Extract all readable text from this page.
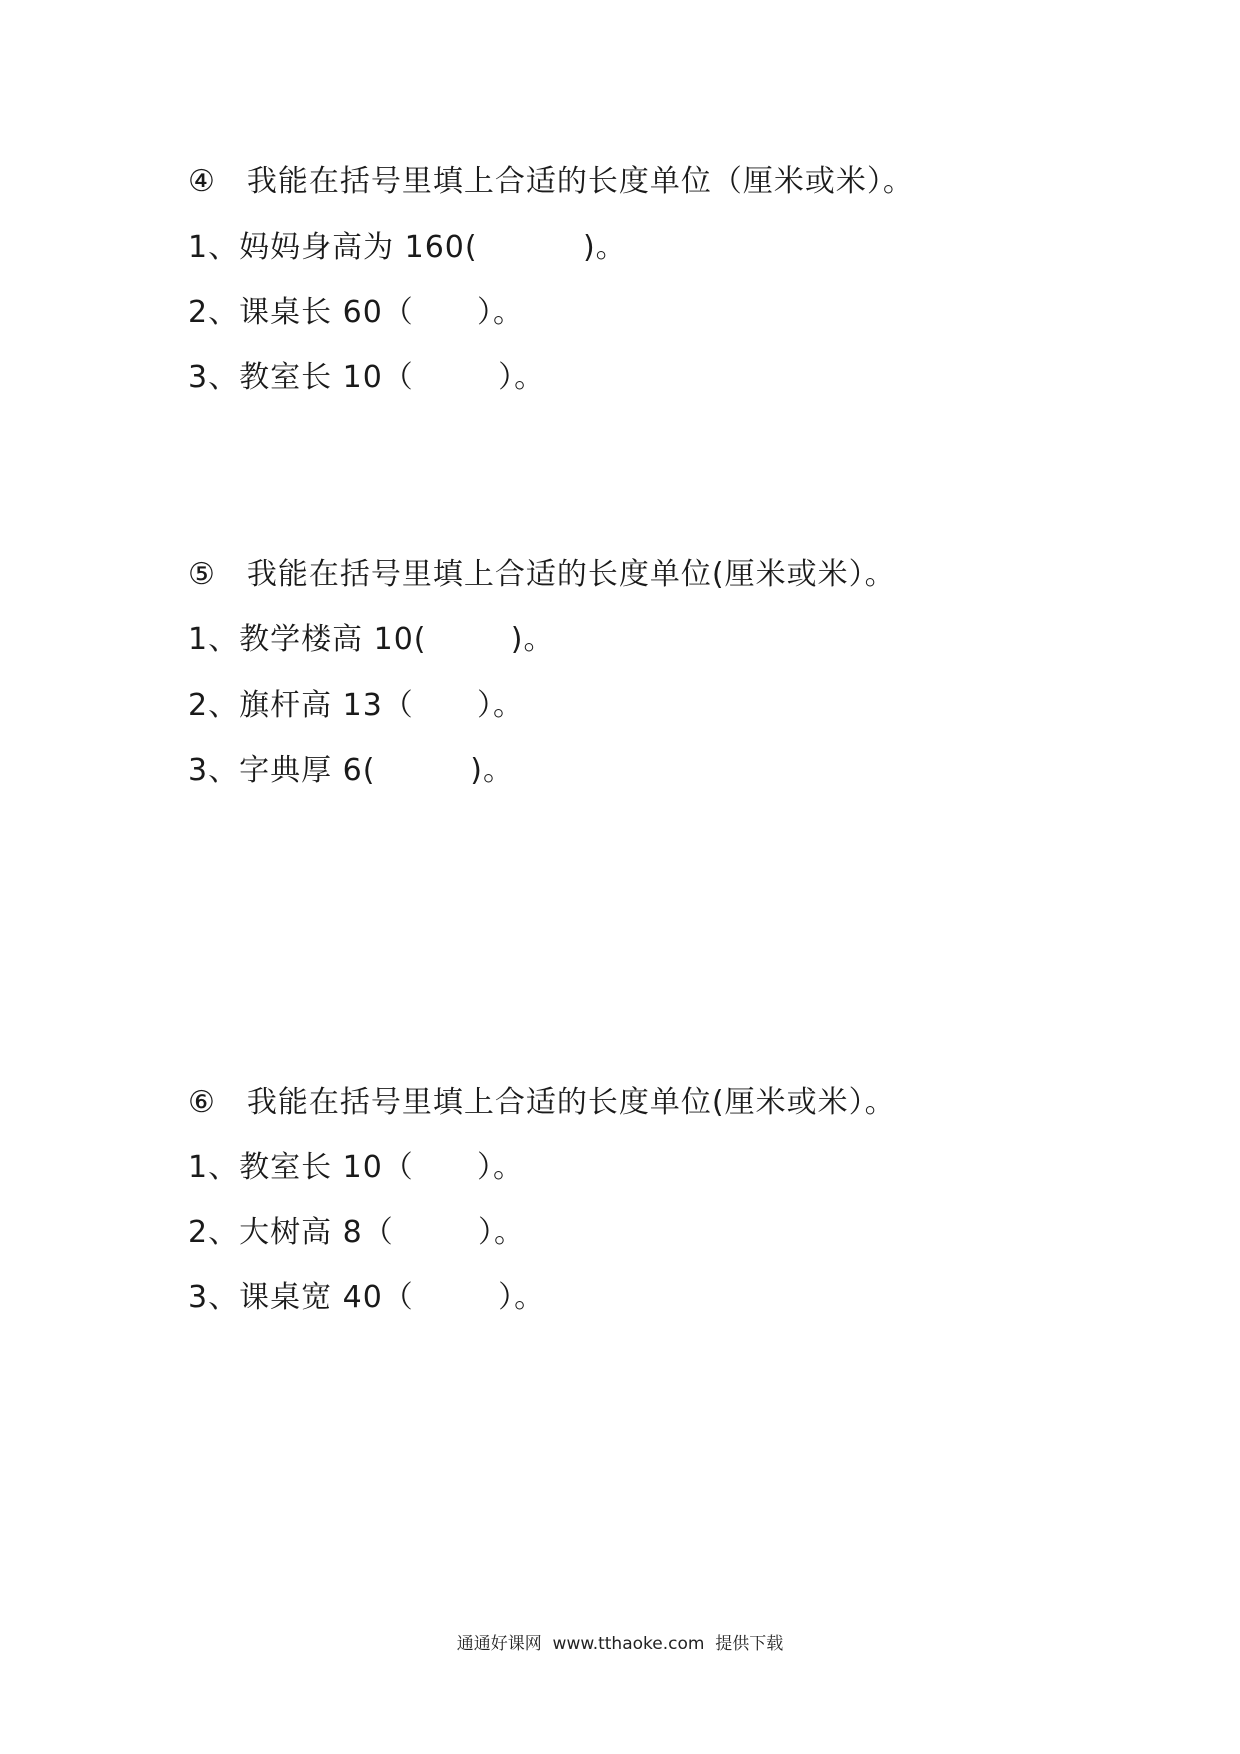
④　我能在括号里填上合适的长度单位（厘米或米）。
1、妈妈身高为 160(          )。
2、课桌长 60（      ）。
3、教室长 10（        ）。
⑤　我能在括号里填上合适的长度单位(厘米或米）。
1、教学楼高 10(        )。
2、旗杆高 13（      ）。
3、字典厚 6(         )。
⑥　我能在括号里填上合适的长度单位(厘米或米）。
1、教室长 10（      ）。
2、大树高 8（        ）。
3、课桌宽 40（        ）。
通通好课网  www.tthaoke.com  提供下载
